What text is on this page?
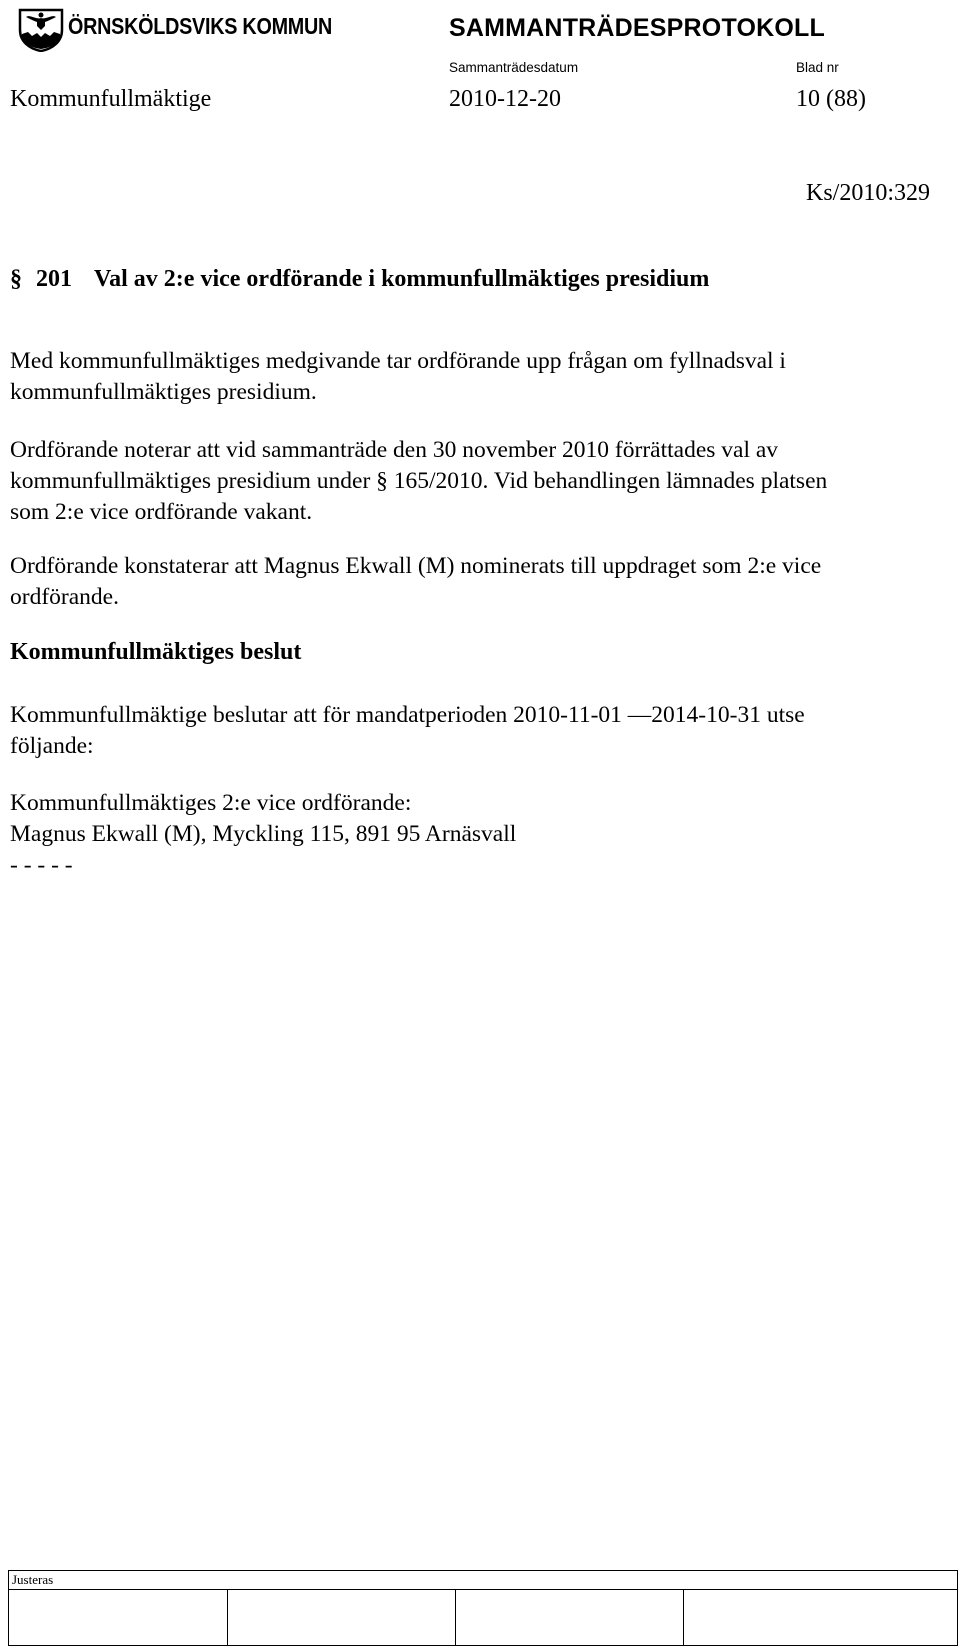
ÖRNSKÖLDSVIKS KOMMUN	SAMMANTRÄDESPROTOKOLL
Sammanträdesdatum	Blad nr
Kommunfullmäktige	2010-12-20	10 (88)
Ks/2010:329
§ 201 Val av 2:e vice ordförande i kommunfullmäktiges presidium
Med kommunfullmäktiges medgivande tar ordförande upp frågan om fyllnadsval i
kommunfullmäktiges presidium.
Ordförande noterar att vid sammanträde den 30 november 2010 förrättades val av
kommunfullmäktiges presidium under § 165/2010. Vid behandlingen lämnades platsen
som 2:e vice ordförande vakant.
Ordförande konstaterar att Magnus Ekwall (M) nominerats till uppdraget som 2:e vice
ordförande.
Kommunfullmäktiges beslut
Kommunfullmäktige beslutar att för mandatperioden 2010-11-01 —2014-10-31 utse
följande:
Kommunfullmäktiges 2:e vice ordförande:
Magnus Ekwall (M), Myckling 115, 891 95 Arnäsvall
- - - - -
Justeras
